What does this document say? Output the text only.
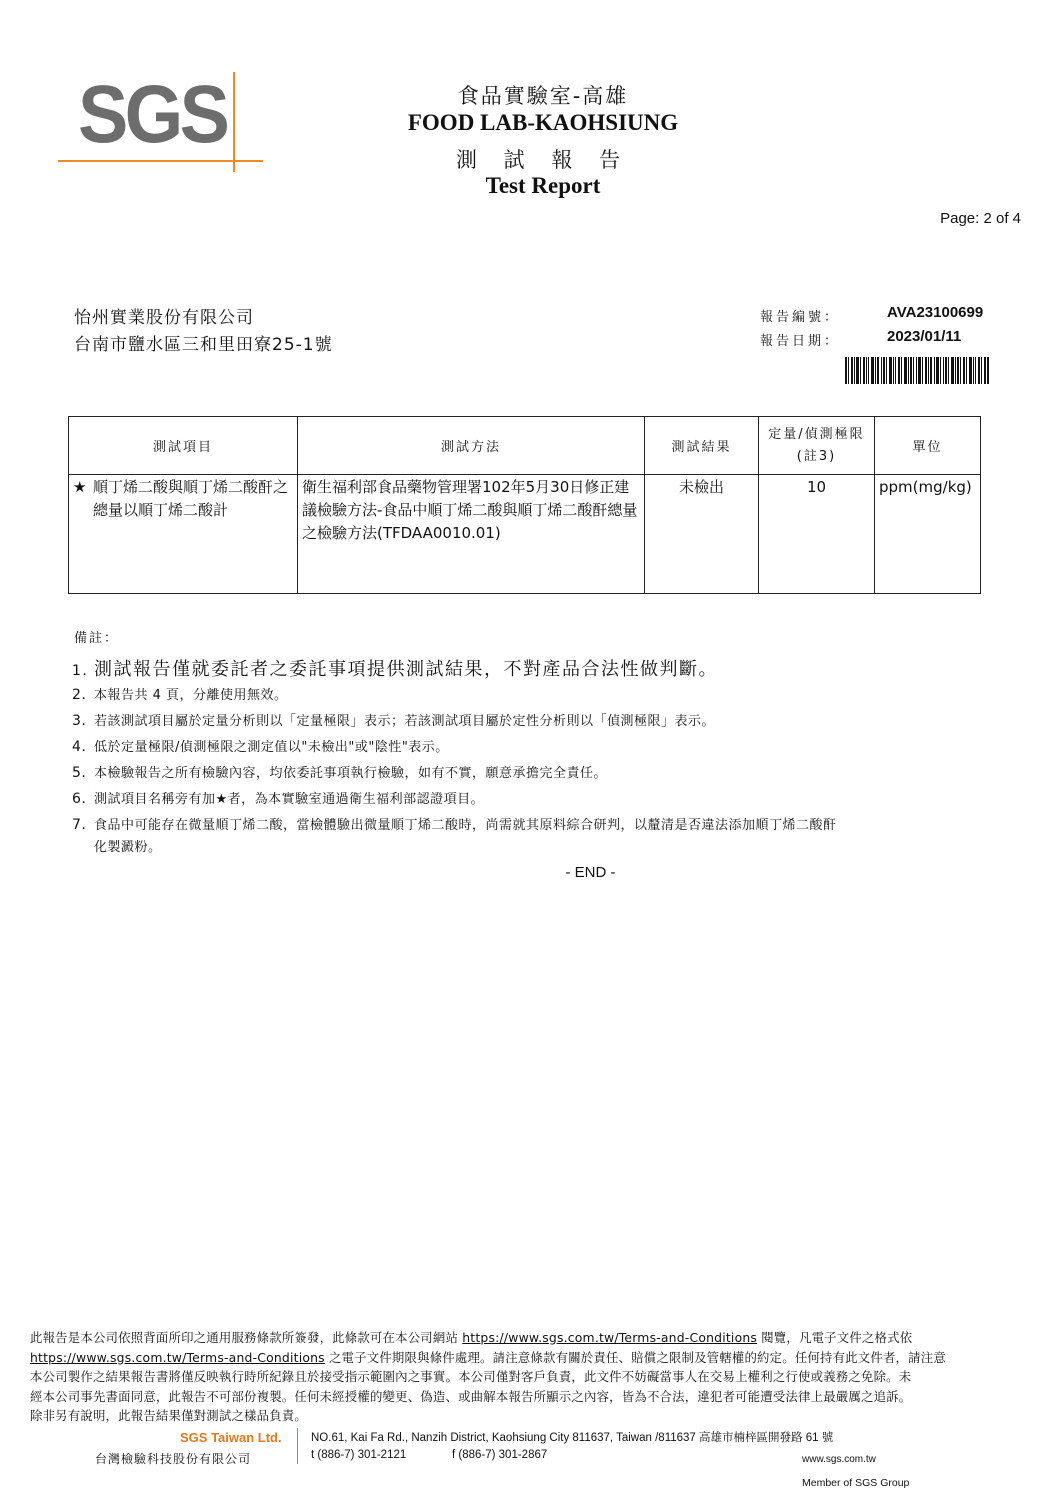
SGS	食品實驗室-高雄
FOOD LAB-KAOHSIUNG
測 試 報 告
Test Report
Page: 2 of 4
怡州實業股份有限公司
台南市鹽水區三和里田寮25-1號
報告編號：	AVA23100699
報告日期：	2023/01/11
測試項目	測試方法	測試結果	定量/偵測極限(註3)	單位

★ 順丁烯二酸與順丁烯二酸酐之總量以順丁烯二酸計	衛生福利部食品藥物管理署102年5月30日修正建議檢驗方法-食品中順丁烯二酸與順丁烯二酸酐總量之檢驗方法(TFDAA0010.01)	未檢出	10	ppm(mg/kg)
備註：
1. 測試報告僅就委託者之委託事項提供測試結果，不對產品合法性做判斷。
2. 本報告共 4 頁，分離使用無效。
3. 若該測試項目屬於定量分析則以「定量極限」表示；若該測試項目屬於定性分析則以「偵測極限」表示。
4. 低於定量極限/偵測極限之測定值以"未檢出"或"陰性"表示。
5. 本檢驗報告之所有檢驗內容，均依委託事項執行檢驗，如有不實，願意承擔完全責任。
6. 測試項目名稱旁有加★者，為本實驗室通過衛生福利部認證項目。
7. 食品中可能存在微量順丁烯二酸，當檢體驗出微量順丁烯二酸時，尚需就其原料綜合研判，以釐清是否違法添加順丁烯二酸酐
化製澱粉。
- END -
此報告是本公司依照背面所印之通用服務條款所簽發，此條款可在本公司網站 https://www.sgs.com.tw/Terms-and-Conditions 閱覽，凡電子文件之格式依
https://www.sgs.com.tw/Terms-and-Conditions 之電子文件期限與條件處理。請注意條款有關於責任、賠償之限制及管轄權的約定。任何持有此文件者，請注意
本公司製作之結果報告書將僅反映執行時所紀錄且於接受指示範圍內之事實。本公司僅對客戶負責，此文件不妨礙當事人在交易上權利之行使或義務之免除。未
經本公司事先書面同意，此報告不可部份複製。任何未經授權的變更、偽造、或曲解本報告所顯示之內容，皆為不合法，違犯者可能遭受法律上最嚴厲之追訴。
除非另有說明，此報告結果僅對測試之樣品負責。
SGS Taiwan Ltd.
台灣檢驗科技股份有限公司
NO.61, Kai Fa Rd., Nanzih District, Kaohsiung City 811637, Taiwan /811637 高雄市楠梓區開發路 61 號
t (886-7) 301-2121	f (886-7) 301-2867	www.sgs.com.tw
Member of SGS Group
